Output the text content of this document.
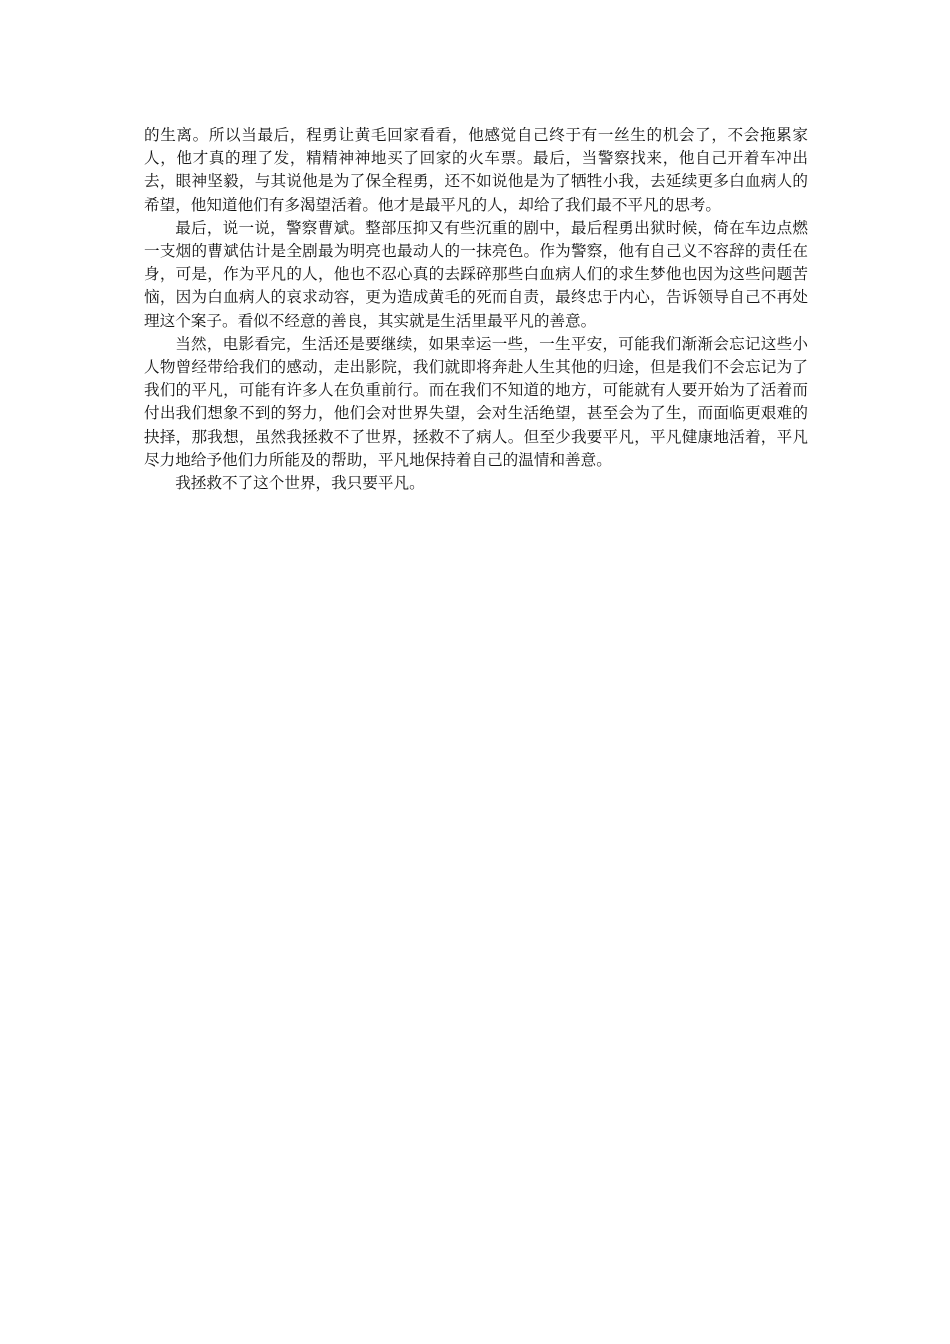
的生离。所以当最后，程勇让黄毛回家看看，他感觉自己终于有一丝生的机会了，不会拖累家人，他才真的理了发，精精神神地买了回家的火车票。最后，当警察找来，他自己开着车冲出去，眼神坚毅，与其说他是为了保全程勇，还不如说他是为了牺牲小我，去延续更多白血病人的希望，他知道他们有多渴望活着。他才是最平凡的人，却给了我们最不平凡的思考。

最后，说一说，警察曹斌。整部压抑又有些沉重的剧中，最后程勇出狱时候，倚在车边点燃一支烟的曹斌估计是全剧最为明亮也最动人的一抹亮色。作为警察，他有自己义不容辞的责任在身，可是，作为平凡的人，他也不忍心真的去踩碎那些白血病人们的求生梦他也因为这些问题苦恼，因为白血病人的哀求动容，更为造成黄毛的死而自责，最终忠于内心，告诉领导自己不再处理这个案子。看似不经意的善良，其实就是生活里最平凡的善意。

当然，电影看完，生活还是要继续，如果幸运一些，一生平安，可能我们渐渐会忘记这些小人物曾经带给我们的感动，走出影院，我们就即将奔赴人生其他的归途，但是我们不会忘记为了我们的平凡，可能有许多人在负重前行。而在我们不知道的地方，可能就有人要开始为了活着而付出我们想象不到的努力，他们会对世界失望，会对生活绝望，甚至会为了生，而面临更艰难的抉择，那我想，虽然我拯救不了世界，拯救不了病人。但至少我要平凡，平凡健康地活着，平凡尽力地给予他们力所能及的帮助，平凡地保持着自己的温情和善意。

我拯救不了这个世界，我只要平凡。
